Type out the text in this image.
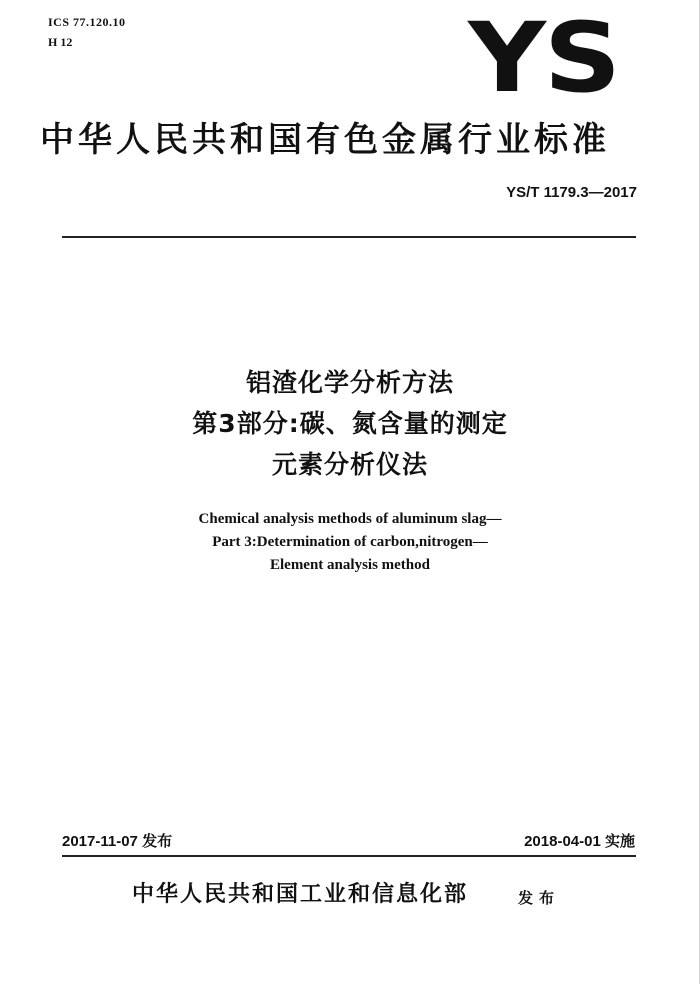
ICS 77.120.10
H 12	YS
中华人民共和国有色金属行业标准
YS/T 1179.3—2017
铝渣化学分析方法
第3部分:碳、氮含量的测定
元素分析仪法
Chemical analysis methods of aluminum slag—
Part 3:Determination of carbon,nitrogen—
Element analysis method
2017-11-07 发布	2018-04-01 实施
中华人民共和国工业和信息化部	发布
